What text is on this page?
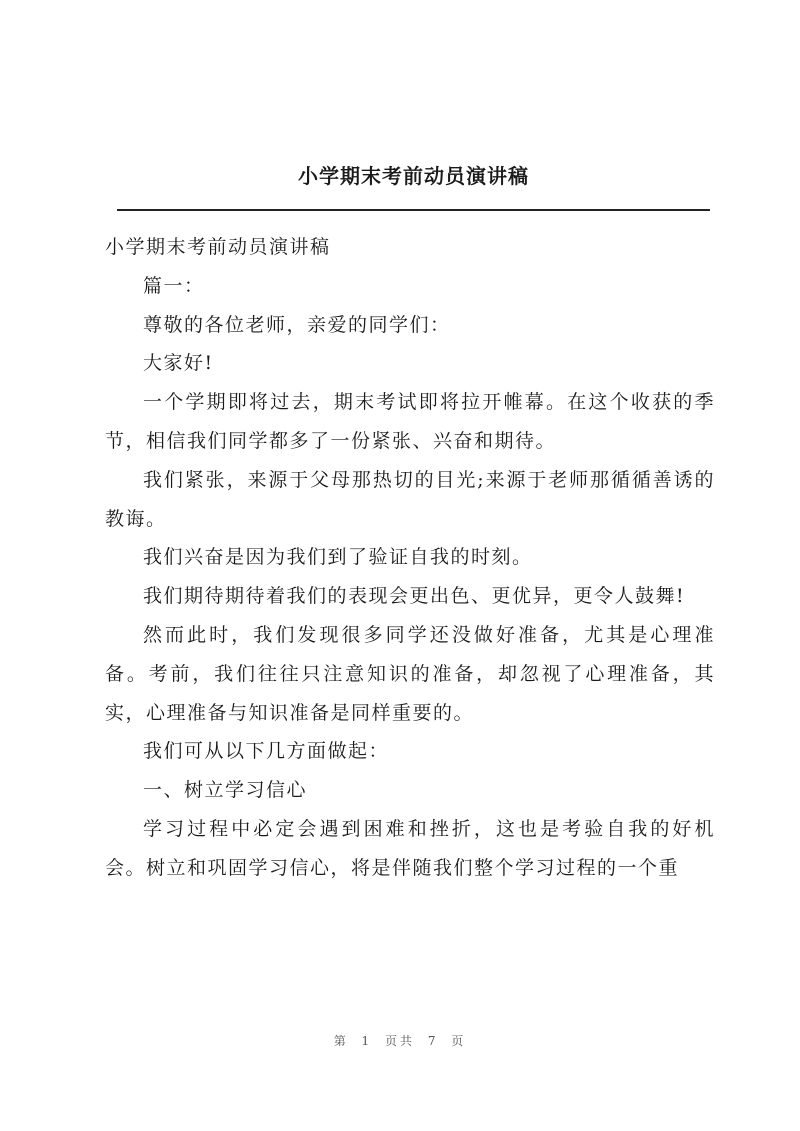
小学期末考前动员演讲稿

小学期末考前动员演讲稿

篇一：

尊敬的各位老师，亲爱的同学们：

大家好!

一个学期即将过去，期末考试即将拉开帷幕。在这个收获的季节，相信我们同学都多了一份紧张、兴奋和期待。

我们紧张，来源于父母那热切的目光;来源于老师那循循善诱的教诲。

我们兴奋是因为我们到了验证自我的时刻。

我们期待期待着我们的表现会更出色、更优异，更令人鼓舞!

然而此时，我们发现很多同学还没做好准备，尤其是心理准备。考前，我们往往只注意知识的准备，却忽视了心理准备，其实，心理准备与知识准备是同样重要的。

我们可从以下几方面做起：

一、树立学习信心

学习过程中必定会遇到困难和挫折，这也是考验自我的好机会。树立和巩固学习信心，将是伴随我们整个学习过程的一个重

第 1 页共 7 页
